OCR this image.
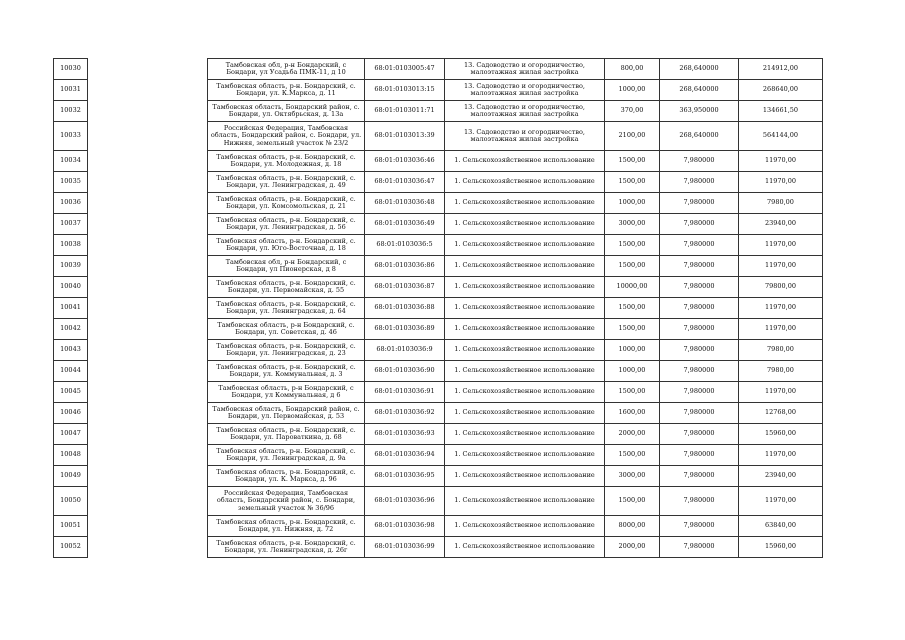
10030		Тамбовская обл, р-н Бондарский, с Бондари, ул Усадьба ПМК-11, д 10	68:01:0103005:47	13. Садоводство и огородничество, малоэтажная жилая застройка	800,00	268,640000	214912,00
10031		Тамбовская область, р-н. Бондарский, с. Бондари, ул. К.Маркса, д. 11	68:01:0103013:15	13. Садоводство и огородничество, малоэтажная жилая застройка	1000,00	268,640000	268640,00
10032		Тамбовская область, Бондарский район, с. Бондари, ул. Октябрьская, д. 13а	68:01:0103011:71	13. Садоводство и огородничество, малоэтажная жилая застройка	370,00	363,950000	134661,50
10033		Российская Федерация, Тамбовская область, Бондарский район, с. Бондари, ул. Нижняя, земельный участок № 23/2	68:01:0103013:39	13. Садоводство и огородничество, малоэтажная жилая застройка	2100,00	268,640000	564144,00
10034		Тамбовская область, р-н. Бондарский, с. Бондари, ул. Молодежная, д. 18	68:01:0103036:46	1. Сельскохозяйственное использование	1500,00	7,980000	11970,00
10035		Тамбовская область, р-н. Бондарский, с. Бондари, ул. Ленинградская, д. 49	68:01:0103036:47	1. Сельскохозяйственное использование	1500,00	7,980000	11970,00
10036		Тамбовская область, р-н. Бондарский, с. Бондари, ул. Комсомольская, д. 21	68:01:0103036:48	1. Сельскохозяйственное использование	1000,00	7,980000	7980,00
10037		Тамбовская область, р-н. Бондарский, с. Бондари, ул. Ленинградская, д. 56	68:01:0103036:49	1. Сельскохозяйственное использование	3000,00	7,980000	23940,00
10038		Тамбовская область, р-н. Бондарский, с. Бондари, ул. Юго-Восточная, д. 18	68:01:0103036:5	1. Сельскохозяйственное использование	1500,00	7,980000	11970,00
10039		Тамбовская обл, р-н Бондарский, с Бондари, ул Пионерская, д 8	68:01:0103036:86	1. Сельскохозяйственное использование	1500,00	7,980000	11970,00
10040		Тамбовская область, р-н. Бондарский, с. Бондари, ул. Первомайская, д. 55	68:01:0103036:87	1. Сельскохозяйственное использование	10000,00	7,980000	79800,00
10041		Тамбовская область, р-н. Бондарский, с. Бондари, ул. Ленинградская, д. 64	68:01:0103036:88	1. Сельскохозяйственное использование	1500,00	7,980000	11970,00
10042		Тамбовская область, р-н Бондарский, с. Бондари, ул. Советская, д. 46	68:01:0103036:89	1. Сельскохозяйственное использование	1500,00	7,980000	11970,00
10043		Тамбовская область, р-н. Бондарский, с. Бондари, ул. Ленинградская, д. 23	68:01:0103036:9	1. Сельскохозяйственное использование	1000,00	7,980000	7980,00
10044		Тамбовская область, р-н. Бондарский, с. Бондари, ул. Коммунальная, д. 3	68:01:0103036:90	1. Сельскохозяйственное использование	1000,00	7,980000	7980,00
10045		Тамбовская область, р-н Бондарский, с Бондари, ул Коммунальная, д 6	68:01:0103036:91	1. Сельскохозяйственное использование	1500,00	7,980000	11970,00
10046		Тамбовская область, Бондарский район, с. Бондари, ул. Первомайская, д. 53	68:01:0103036:92	1. Сельскохозяйственное использование	1600,00	7,980000	12768,00
10047		Тамбовская область, р-н. Бондарский, с. Бондари, ул. Пароваткина, д. 68	68:01:0103036:93	1. Сельскохозяйственное использование	2000,00	7,980000	15960,00
10048		Тамбовская область, р-н. Бондарский, с. Бондари, ул. Ленинградская, д. 9а	68:01:0103036:94	1. Сельскохозяйственное использование	1500,00	7,980000	11970,00
10049		Тамбовская область, р-н. Бондарский, с. Бондари, ул. К. Маркса, д. 96	68:01:0103036:95	1. Сельскохозяйственное использование	3000,00	7,980000	23940,00
10050		Российская Федерация, Тамбовская область, Бондарский район, с. Бондари, земельный участок № 36/96	68:01:0103036:96	1. Сельскохозяйственное использование	1500,00	7,980000	11970,00
10051		Тамбовская область, р-н. Бондарский, с. Бондари, ул. Нижняя, д. 72	68:01:0103036:98	1. Сельскохозяйственное использование	8000,00	7,980000	63840,00
10052		Тамбовская область, р-н. Бондарский, с. Бондари, ул. Ленинградская, д. 26г	68:01:0103036:99	1. Сельскохозяйственное использование	2000,00	7,980000	15960,00
